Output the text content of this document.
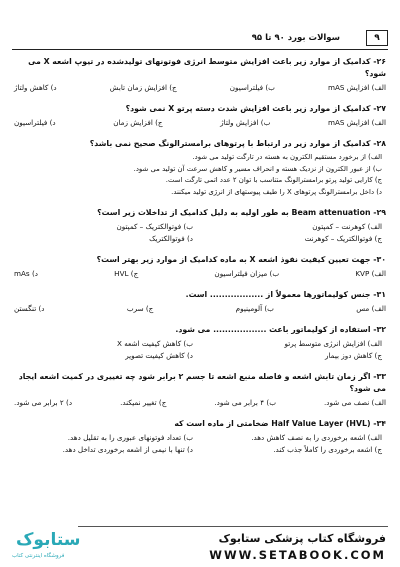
۹
سوالات بورد ۹۰ تا ۹۵
۲۶- کدامیک از موارد زیر باعث افزایش متوسط انرژی فوتونهای تولیدشده در تیوپ اشعه X می شود؟
الف) افزایش mAS
ب) فیلتراسیون
ج) افزایش زمان تابش
د) کاهش ولتاژ
۲۷- کدامیک از موارد زیر باعث افزایش شدت دسته پرتو X نمی شود؟
الف) افزایش mAS
ب) افزایش ولتاژ
ج) افزایش زمان
د) فیلتراسیون
۲۸- کدامیک از موارد زیر در ارتباط با پرتوهای برامسترالونگ صحیح نمی باشد؟
الف) از برخورد مستقیم الکترون به هسته در تارگت تولید می شود.
ب) از عبور الکترون از نزدیک هسته و انحراف مسیر و کاهش سرعت آن تولید می شود.
ج) کارایی تولید پرتو برامسترالونگ متناسب با توان ۲ عدد اتمی تارگت است.
د) داخل برامسترالونگ پرتوهای X را طیف پیوستهای از انرژی تولید میکنند.
۲۹- Beam attenuation به طور اولیه به دلیل کدامیک از تداخلات زیر است؟
الف) کوهرنت – کمپتون
ب) فوتوالکتریک – کمپتون
ج) فوتوالکتریک – کوهرنت
د) فوتوالکتریک
۳۰- جهت تعیین کیفیت نفوذ اشعه X به ماده کدامیک از موارد زیر بهتر است؟
الف) KVP
ب) میزان فیلتراسیون
ج) HVL
د) mAs
۳۱- جنس کولیماتورها معمولاً از .................. است.
الف) مس
ب) آلومینیوم
ج) سرب
د) تنگستن
۳۲- استفاده از کولیماتور باعث .................. می شود.
الف) افزایش انرژی متوسط پرتو
ب) کاهش کیفیت اشعه X
ج) کاهش دوز بیمار
د) کاهش کیفیت تصویر
۳۳- اگر زمان تابش اشعه و فاصله منبع اشعه تا جسم ۲ برابر شود چه تغییری در کمیت اشعه ایجاد می شود؟
الف) نصف می شود.
ب) ۴ برابر می شود.
ج) تغییر نمیکند.
د) ۲ برابر می شود.
۳۴- (HVL) Half Value Layer ضخامتی از ماده است که
الف) اشعه برخوردی را به نصف کاهش دهد.
ب) تعداد فوتونهای عبوری را به تقلیل دهد.
ج) اشعه برخوردی را کاملاً جذب کند.
د) تنها با نیمی از اشعه برخوردی تداخل دهد.
فروشگاه کتاب پزشکی ستابوک
WWW.SETABOOK.COM
ستابوک
فروشگاه اینترنتی کتاب
